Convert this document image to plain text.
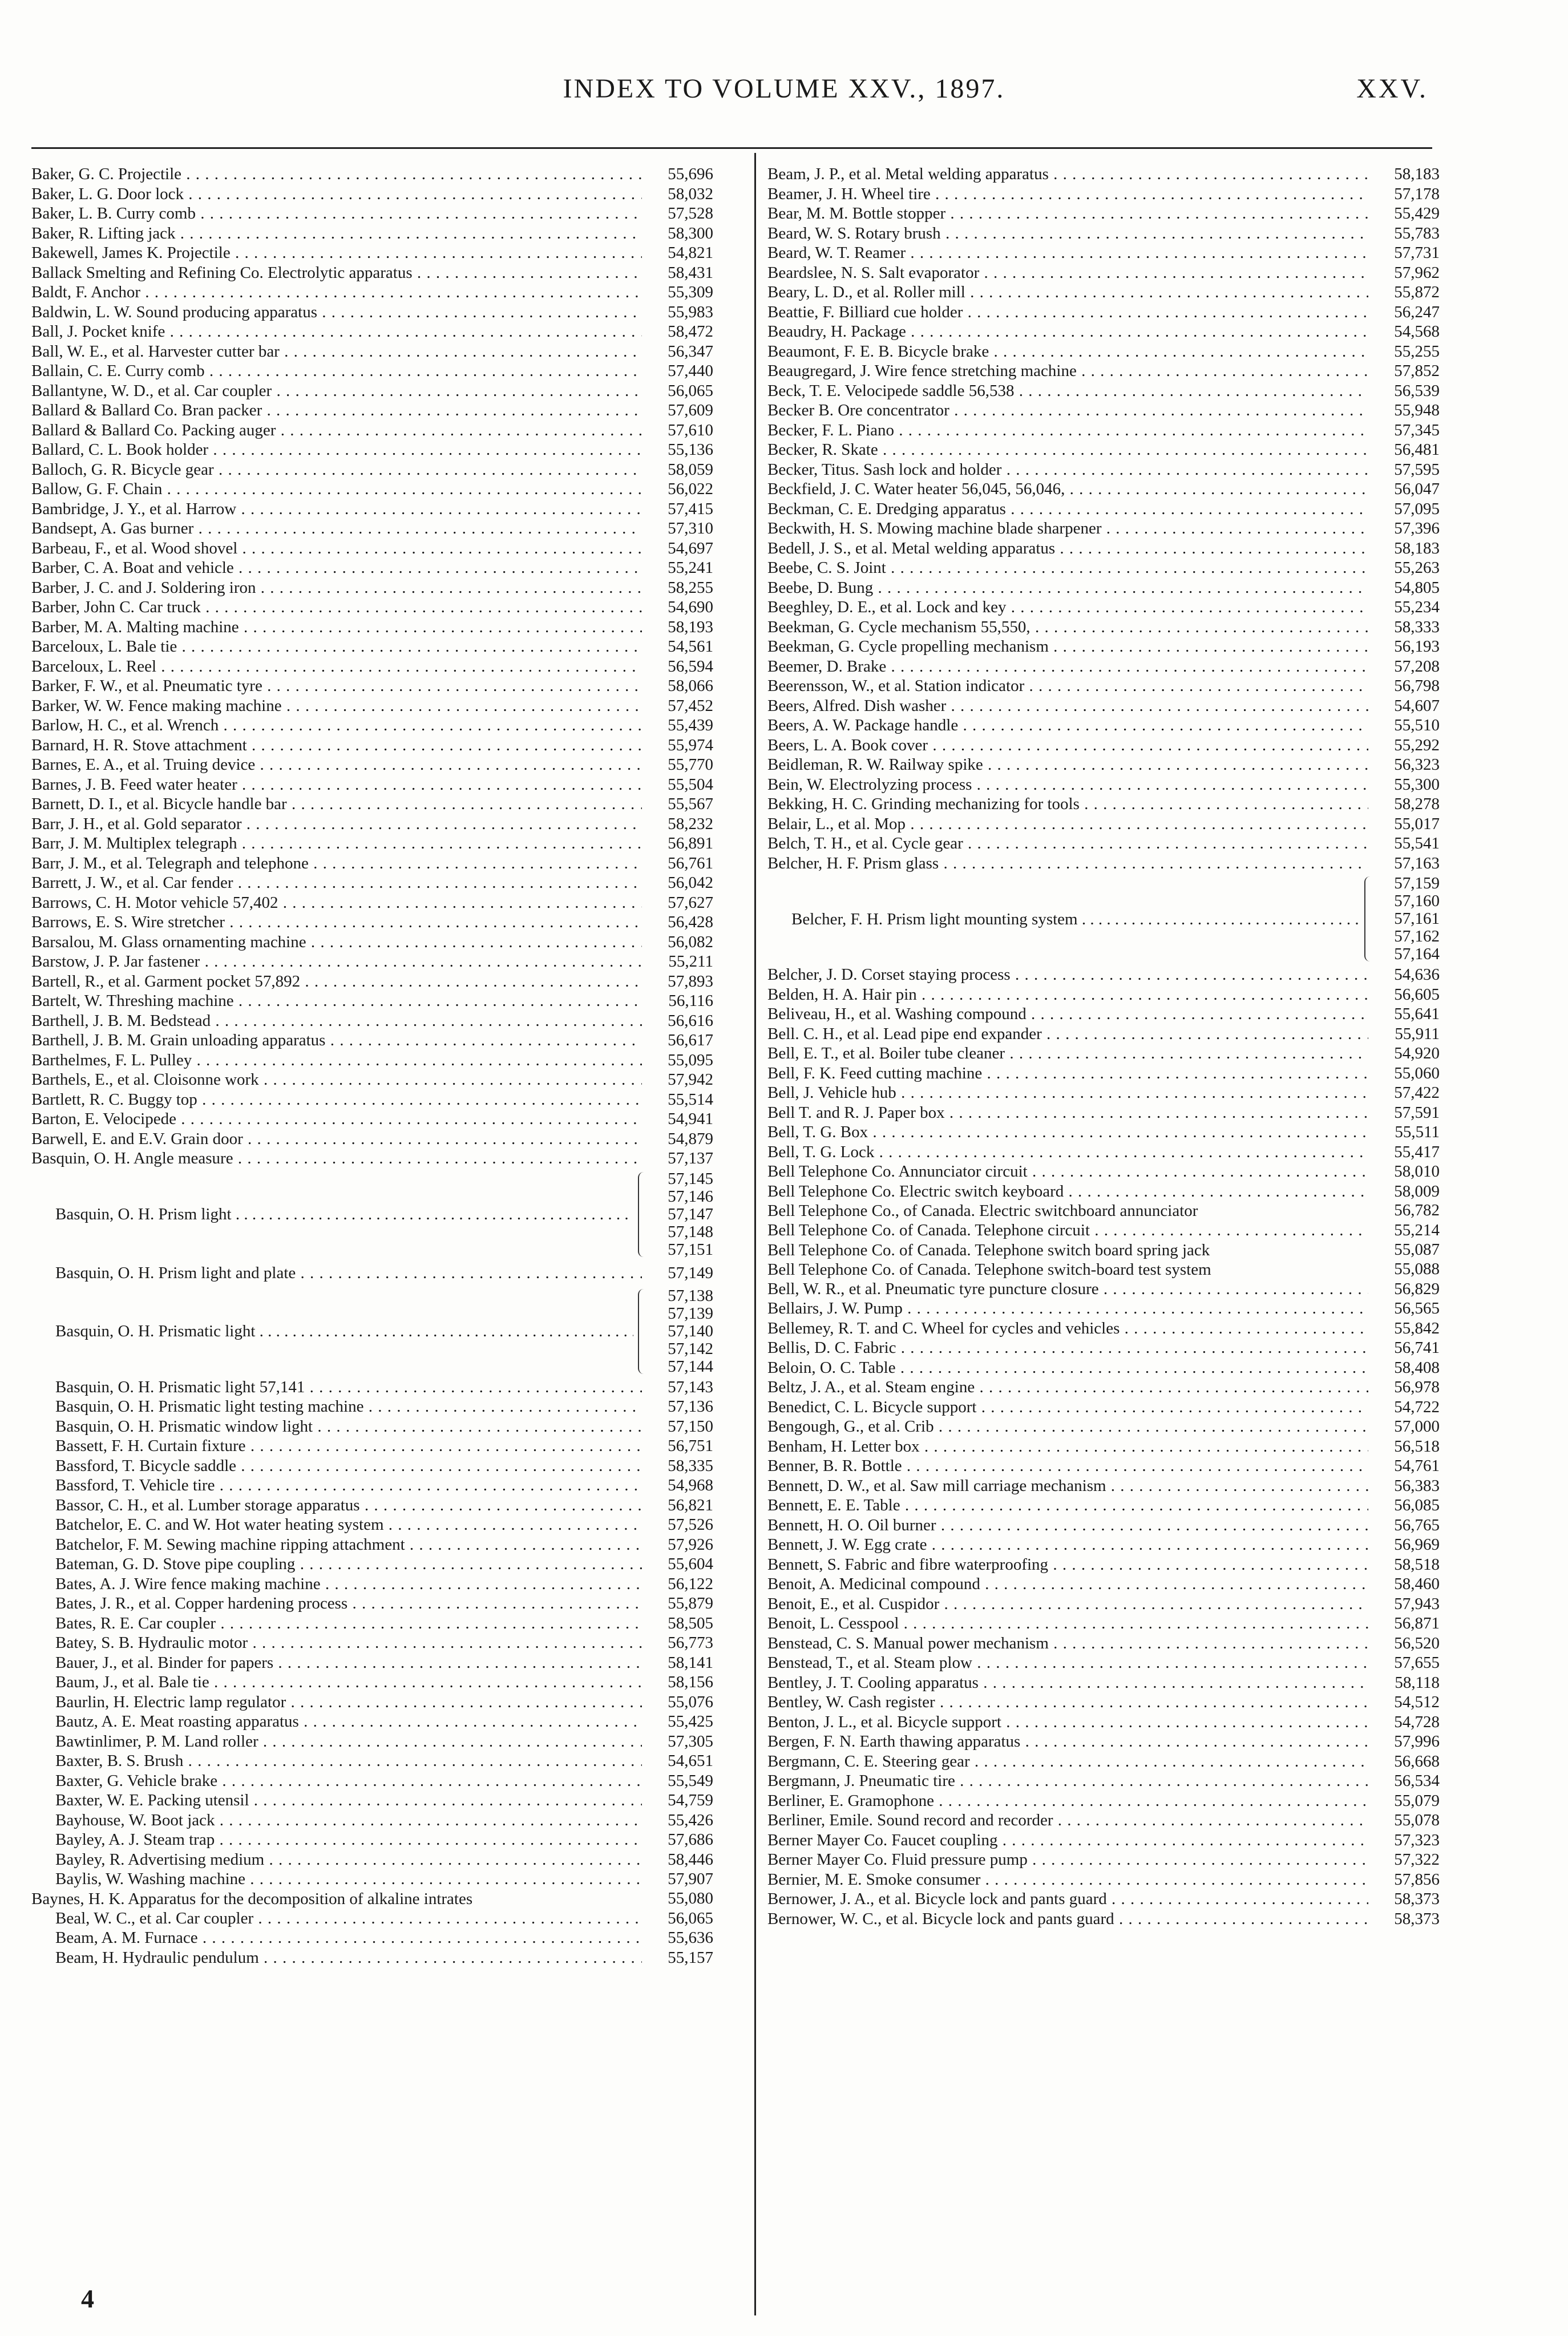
INDEX TO VOLUME XXV., 1897.	XXV.
Baker, G. C. Projectile . . .	55,696
Baker, L. G. Door lock . . .	58,032
Baker, L. B. Curry comb . . .	57,528
Baker, R. Lifting jack . . .	58,300
Bakewell, James K. Projectile . . .	54,821
Ballack Smelting and Refining Co. Electrolytic apparatus . . .	58,431
Baldt, F. Anchor . . .	55,309
Baldwin, L. W. Sound producing apparatus . . .	55,983
Ball, J. Pocket knife . . .	58,472
Ball, W. E., et al. Harvester cutter bar . . .	56,347
Ballain, C. E. Curry comb . . .	57,440
Ballantyne, W. D., et al. Car coupler . . .	56,065
Ballard & Ballard Co. Bran packer . . .	57,609
Ballard & Ballard Co. Packing auger . . .	57,610
Ballard, C. L. Book holder . . .	55,136
Balloch, G. R. Bicycle gear . . .	58,059
Ballow, G. F. Chain . . .	56,022
Bambridge, J. Y., et al. Harrow . . .	57,415
Bandsept, A. Gas burner . . .	57,310
Barbeau, F., et al. Wood shovel . . .	54,697
Barber, C. A. Boat and vehicle . . .	55,241
Barber, J. C. and J. Soldering iron . . .	58,255
Barber, John C. Car truck . . .	54,690
Barber, M. A. Malting machine . . .	58,193
Barceloux, L. Bale tie . . .	54,561
Barceloux, L. Reel . . .	56,594
Barker, F. W., et al. Pneumatic tyre . . .	58,066
Barker, W. W. Fence making machine . . .	57,452
Barlow, H. C., et al. Wrench . . .	55,439
Barnard, H. R. Stove attachment . . .	55,974
Barnes, E. A., et al. Truing device . . .	55,770
Barnes, J. B. Feed water heater . . .	55,504
Barnett, D. I., et al. Bicycle handle bar . . .	55,567
Barr, J. H., et al. Gold separator . . .	58,232
Barr, J. M. Multiplex telegraph . . .	56,891
Barr, J. M., et al. Telegraph and telephone . . .	56,761
Barrett, J. W., et al. Car fender . . .	56,042
Barrows, C. H. Motor vehicle 57,402 . . .	57,627
Barrows, E. S. Wire stretcher . . .	56,428
Barsalou, M. Glass ornamenting machine . . .	56,082
Barstow, J. P. Jar fastener . . .	55,211
Bartell, R., et al. Garment pocket 57,892 . . .	57,893
Bartelt, W. Threshing machine . . .	56,116
Barthell, J. B. M. Bedstead . . .	56,616
Barthell, J. B. M. Grain unloading apparatus . . .	56,617
Barthelmes, F. L. Pulley . . .	55,095
Barthels, E., et al. Cloisonne work . . .	57,942
Bartlett, R. C. Buggy top . . .	55,514
Barton, E. Velocipede . . .	54,941
Barwell, E. and E.V. Grain door . . .	54,879
Basquin, O. H. Angle measure . . .	57,137
Basquin, O. H. Prism light . . .
57,145
57,146
57,147
57,148
57,151
Basquin, O. H. Prism light and plate . . .	57,149
Basquin, O. H. Prismatic light . . .
57,138
57,139
57,140
57,142
57,144
Basquin, O. H. Prismatic light 57,141 . . .	57,143
Basquin, O. H. Prismatic light testing machine . . .	57,136
Basquin, O. H. Prismatic window light . . .	57,150
Bassett, F. H. Curtain fixture . . .	56,751
Bassford, T. Bicycle saddle . . .	58,335
Bassford, T. Vehicle tire . . .	54,968
Bassor, C. H., et al. Lumber storage apparatus . . .	56,821
Batchelor, E. C. and W. Hot water heating system . . .	57,526
Batchelor, F. M. Sewing machine ripping attachment . . .	57,926
Bateman, G. D. Stove pipe coupling . . .	55,604
Bates, A. J. Wire fence making machine . . .	56,122
Bates, J. R., et al. Copper hardening process . . .	55,879
Bates, R. E. Car coupler . . .	58,505
Batey, S. B. Hydraulic motor . . .	56,773
Bauer, J., et al. Binder for papers . . .	58,141
Baum, J., et al. Bale tie . . .	58,156
Baurlin, H. Electric lamp regulator . . .	55,076
Bautz, A. E. Meat roasting apparatus . . .	55,425
Bawtinlimer, P. M. Land roller . . .	57,305
Baxter, B. S. Brush . . .	54,651
Baxter, G. Vehicle brake . . .	55,549
Baxter, W. E. Packing utensil . . .	54,759
Bayhouse, W. Boot jack . . .	55,426
Bayley, A. J. Steam trap . . .	57,686
Bayley, R. Advertising medium . . .	58,446
Baylis, W. Washing machine . . .	57,907
Baynes, H. K. Apparatus for the decomposition of alkaline intrates	55,080
Beal, W. C., et al. Car coupler . . .	56,065
Beam, A. M. Furnace . . .	55,636
Beam, H. Hydraulic pendulum . . .	55,157
Beam, J. P., et al. Metal welding apparatus . . .	58,183
Beamer, J. H. Wheel tire . . .	57,178
Bear, M. M. Bottle stopper . . .	55,429
Beard, W. S. Rotary brush . . .	55,783
Beard, W. T. Reamer . . .	57,731
Beardslee, N. S. Salt evaporator . . .	57,962
Beary, L. D., et al. Roller mill . . .	55,872
Beattie, F. Billiard cue holder . . .	56,247
Beaudry, H. Package . . .	54,568
Beaumont, F. E. B. Bicycle brake . . .	55,255
Beaugregard, J. Wire fence stretching machine . . .	57,852
Beck, T. E. Velocipede saddle 56,538 . . .	56,539
Becker B. Ore concentrator . . .	55,948
Becker, F. L. Piano . . .	57,345
Becker, R. Skate . . .	56,481
Becker, Titus. Sash lock and holder . . .	57,595
Beckfield, J. C. Water heater 56,045, 56,046, . . .	56,047
Beckman, C. E. Dredging apparatus . . .	57,095
Beckwith, H. S. Mowing machine blade sharpener . . .	57,396
Bedell, J. S., et al. Metal welding apparatus . . .	58,183
Beebe, C. S. Joint . . .	55,263
Beebe, D. Bung . . .	54,805
Beeghley, D. E., et al. Lock and key . . .	55,234
Beekman, G. Cycle mechanism 55,550, . . .	58,333
Beekman, G. Cycle propelling mechanism . . .	56,193
Beemer, D. Brake . . .	57,208
Beerensson, W., et al. Station indicator . . .	56,798
Beers, Alfred. Dish washer . . .	54,607
Beers, A. W. Package handle . . .	55,510
Beers, L. A. Book cover . . .	55,292
Beidleman, R. W. Railway spike . . .	56,323
Bein, W. Electrolyzing process . . .	55,300
Bekking, H. C. Grinding mechanizing for tools . . .	58,278
Belair, L., et al. Mop . . .	55,017
Belch, T. H., et al. Cycle gear . . .	55,541
Belcher, H. F. Prism glass . . .	57,163
Belcher, F. H. Prism light mounting system . . .
57,159
57,160
57,161
57,162
57,164
Belcher, J. D. Corset staying process . . .	54,636
Belden, H. A. Hair pin . . .	56,605
Beliveau, H., et al. Washing compound . . .	55,641
Bell. C. H., et al. Lead pipe end expander . . .	55,911
Bell, E. T., et al. Boiler tube cleaner . . .	54,920
Bell, F. K. Feed cutting machine . . .	55,060
Bell, J. Vehicle hub . . .	57,422
Bell T. and R. J. Paper box . . .	57,591
Bell, T. G. Box . . .	55,511
Bell, T. G. Lock . . .	55,417
Bell Telephone Co. Annunciator circuit . . .	58,010
Bell Telephone Co. Electric switch keyboard . . .	58,009
Bell Telephone Co., of Canada. Electric switchboard annunciator	56,782
Bell Telephone Co. of Canada. Telephone circuit . . .	55,214
Bell Telephone Co. of Canada. Telephone switch board spring jack	55,087
Bell Telephone Co. of Canada. Telephone switch-board test system	55,088
Bell, W. R., et al. Pneumatic tyre puncture closure . . .	56,829
Bellairs, J. W. Pump . . .	56,565
Bellemey, R. T. and C. Wheel for cycles and vehicles . . .	55,842
Bellis, D. C. Fabric . . .	56,741
Beloin, O. C. Table . . .	58,408
Beltz, J. A., et al. Steam engine . . .	56,978
Benedict, C. L. Bicycle support . . .	54,722
Bengough, G., et al. Crib . . .	57,000
Benham, H. Letter box . . .	56,518
Benner, B. R. Bottle . . .	54,761
Bennett, D. W., et al. Saw mill carriage mechanism . . .	56,383
Bennett, E. E. Table . . .	56,085
Bennett, H. O. Oil burner . . .	56,765
Bennett, J. W. Egg crate . . .	56,969
Bennett, S. Fabric and fibre waterproofing . . .	58,518
Benoit, A. Medicinal compound . . .	58,460
Benoit, E., et al. Cuspidor . . .	57,943
Benoit, L. Cesspool . . .	56,871
Benstead, C. S. Manual power mechanism . . .	56,520
Benstead, T., et al. Steam plow . . .	57,655
Bentley, J. T. Cooling apparatus . . .	58,118
Bentley, W. Cash register . . .	54,512
Benton, J. L., et al. Bicycle support . . .	54,728
Bergen, F. N. Earth thawing apparatus . . .	57,996
Bergmann, C. E. Steering gear . . .	56,668
Bergmann, J. Pneumatic tire . . .	56,534
Berliner, E. Gramophone . . .	55,079
Berliner, Emile. Sound record and recorder . . .	55,078
Berner Mayer Co. Faucet coupling . . .	57,323
Berner Mayer Co. Fluid pressure pump . . .	57,322
Bernier, M. E. Smoke consumer . . .	57,856
Bernower, J. A., et al. Bicycle lock and pants guard . . .	58,373
Bernower, W. C., et al. Bicycle lock and pants guard . . .	58,373
4
